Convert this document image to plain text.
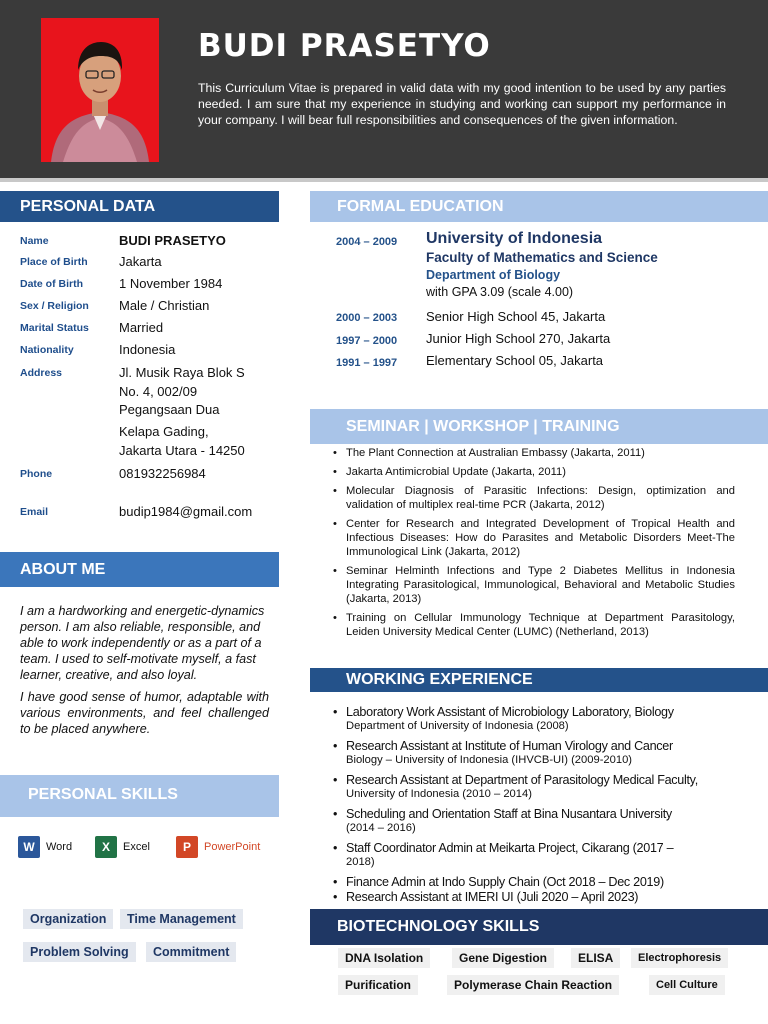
BUDI PRASETYO
This Curriculum Vitae is prepared in valid data with my good intention to be used by any parties needed. I am sure that my experience in studying and working can support my performance in your company. I will bear full responsibilities and consequences of the given information.
PERSONAL DATA
Name	BUDI PRASETYO
Place of Birth Jakarta
Date of Birth	1 November 1984
Sex / Religion Male / Christian
Marital Status Married
Nationality	Indonesia
Address	Jl. Musik Raya Blok S
No. 4, 002/09
Pegangsaan Dua
Kelapa Gading,
Jakarta Utara - 14250
Phone	081932256984
Email	budip1984@gmail.com
ABOUT ME

I am a hardworking and energetic-dynamics person. I am also reliable, responsible, and able to work independently or as a part of a team. I used to self-motivate myself, a fast learner, creative, and also loyal.

I have good sense of humor, adaptable with various environments, and feel challenged to be placed anywhere.

PERSONAL SKILLS
W	Word	X	Excel	P	PowerPoint
Organization	Time Management
Problem Solving	Commitment
FORMAL EDUCATION
2004 – 2009 University of Indonesia
Faculty of Mathematics and Science
Department of Biology
with GPA 3.09 (scale 4.00)
2000 – 2003 Senior High School 45, Jakarta
1997 – 2000 Junior High School 270, Jakarta
1991 – 1997 Elementary School 05, Jakarta
SEMINAR | WORKSHOP | TRAINING
• The Plant Connection at Australian Embassy (Jakarta, 2011)
• Jakarta Antimicrobial Update (Jakarta, 2011)
• Molecular Diagnosis of Parasitic Infections: Design, optimization and validation of multiplex real-time PCR (Jakarta, 2012)
• Center for Research and Integrated Development of Tropical Health and Infectious Diseases: How do Parasites and Metabolic Disorders Meet-The Immunological Link (Jakarta, 2012)
• Seminar Helminth Infections and Type 2 Diabetes Mellitus in Indonesia Integrating Parasitological, Immunological, Behavioral and Metabolic Studies (Jakarta, 2013)
• Training on Cellular Immunology Technique at Department Parasitology, Leiden University Medical Center (LUMC) (Netherland, 2013)
WORKING EXPERIENCE
• Laboratory Work Assistant of Microbiology Laboratory, Biology
Department of University of Indonesia (2008)
• Research Assistant at Institute of Human Virology and Cancer
Biology – University of Indonesia (IHVCB-UI) (2009-2010)
• Research Assistant at Department of Parasitology Medical Faculty,
University of Indonesia (2010 – 2014)
• Scheduling and Orientation Staff at Bina Nusantara University
(2014 – 2016)
• Staff Coordinator Admin at Meikarta Project, Cikarang (2017 –
2018)
• Finance Admin at Indo Supply Chain (Oct 2018 – Dec 2019)
• Research Assistant at IMERI UI (Juli 2020 – April 2023)
BIOTECHNOLOGY SKILLS
DNA Isolation	Gene Digestion	ELISA	Electrophoresis
Purification	Polymerase Chain Reaction	Cell Culture
